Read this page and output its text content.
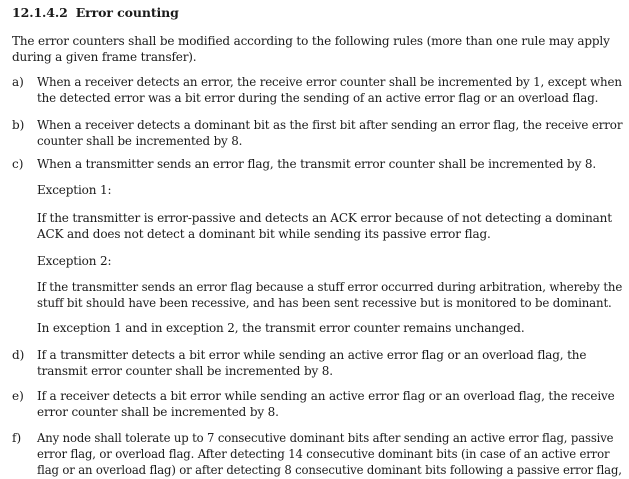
12.1.4.2 Error counting
The error counters shall be modified according to the following rules (more than one rule may apply
during a given frame transfer).
a) When a receiver detects an error, the receive error counter shall be incremented by 1, except when
the detected error was a bit error during the sending of an active error flag or an overload flag.
b) When a receiver detects a dominant bit as the first bit after sending an error flag, the receive error
counter shall be incremented by 8.
c) When a transmitter sends an error flag, the transmit error counter shall be incremented by 8.
Exception 1:
If the transmitter is error-passive and detects an ACK error because of not detecting a dominant
ACK and does not detect a dominant bit while sending its passive error flag.
Exception 2:
If the transmitter sends an error flag because a stuff error occurred during arbitration, whereby the
stuff bit should have been recessive, and has been sent recessive but is monitored to be dominant.
In exception 1 and in exception 2, the transmit error counter remains unchanged.
d) If a transmitter detects a bit error while sending an active error flag or an overload flag, the
transmit error counter shall be incremented by 8.
e) If a receiver detects a bit error while sending an active error flag or an overload flag, the receive
error counter shall be incremented by 8.
f) Any node shall tolerate up to 7 consecutive dominant bits after sending an active error flag, passive
error flag, or overload flag. After detecting 14 consecutive dominant bits (in case of an active error
flag or an overload flag) or after detecting 8 consecutive dominant bits following a passive error flag,
